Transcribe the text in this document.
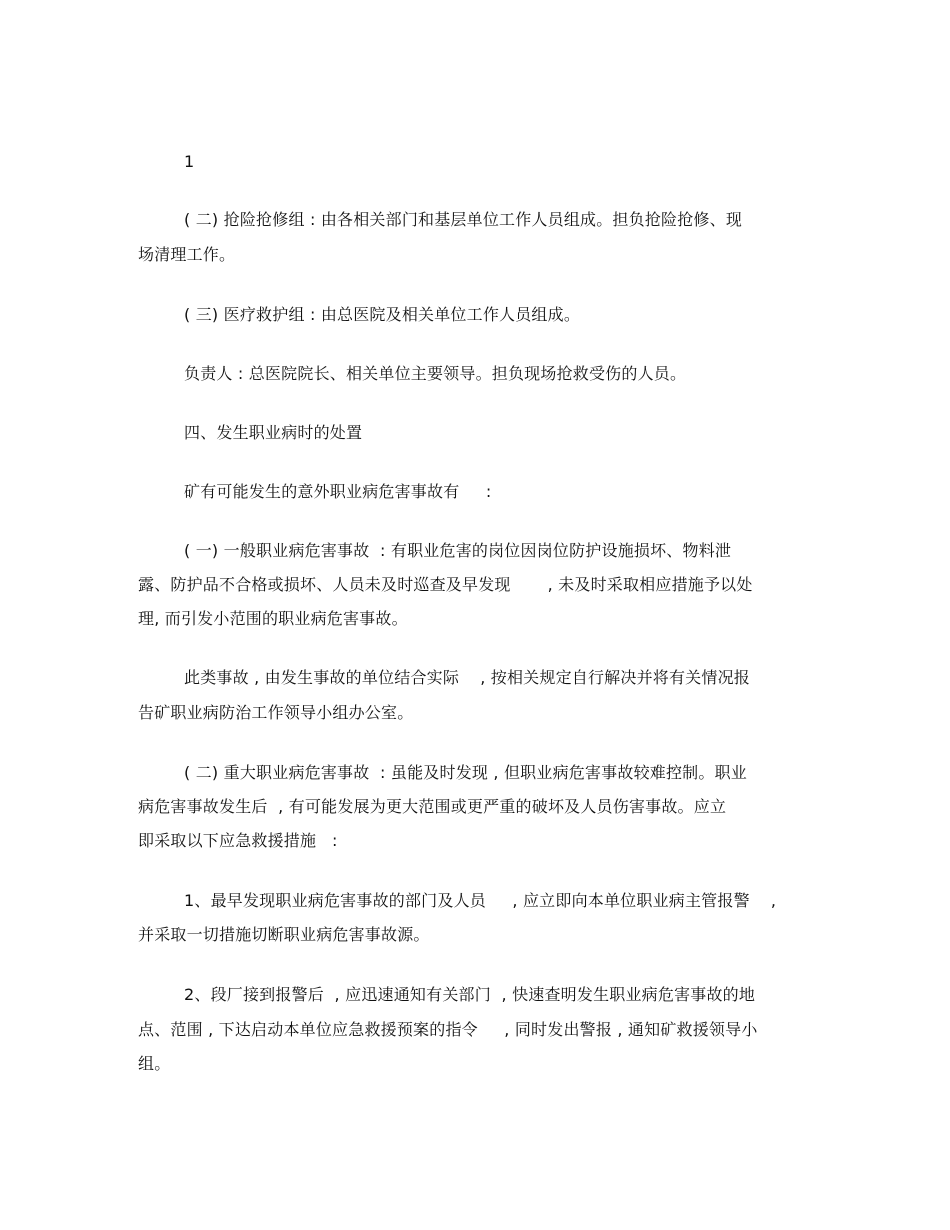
1
( 二) 抢险抢修组 : 由各相关部门和基层单位工作人员组成。担负抢险抢修、现
场清理工作。
( 三) 医疗救护组 : 由总医院及相关单位工作人员组成。
负责人 : 总医院院长、相关单位主要领导。担负现场抢救受伤的人员。
四、发生职业病时的处置
矿有可能发生的意外职业病危害事故有     :
( 一) 一般职业病危害事故  : 有职业危害的岗位因岗位防护设施损坏、物料泄
露、防护品不合格或损坏、人员未及时巡查及早发现       , 未及时采取相应措施予以处
理, 而引发小范围的职业病危害事故。
此类事故 , 由发生事故的单位结合实际    , 按相关规定自行解决并将有关情况报
告矿职业病防治工作领导小组办公室。
( 二) 重大职业病危害事故  : 虽能及时发现 , 但职业病危害事故较难控制。职业
病危害事故发生后  , 有可能发展为更大范围或更严重的破坏及人员伤害事故。应立
即采取以下应急救援措施   :
1、最早发现职业病危害事故的部门及人员     , 应立即向本单位职业病主管报警    ,
并采取一切措施切断职业病危害事故源。
2、段厂接到报警后  , 应迅速通知有关部门  , 快速查明发生职业病危害事故的地
点、范围 , 下达启动本单位应急救援预案的指令     , 同时发出警报 , 通知矿救援领导小
组。
